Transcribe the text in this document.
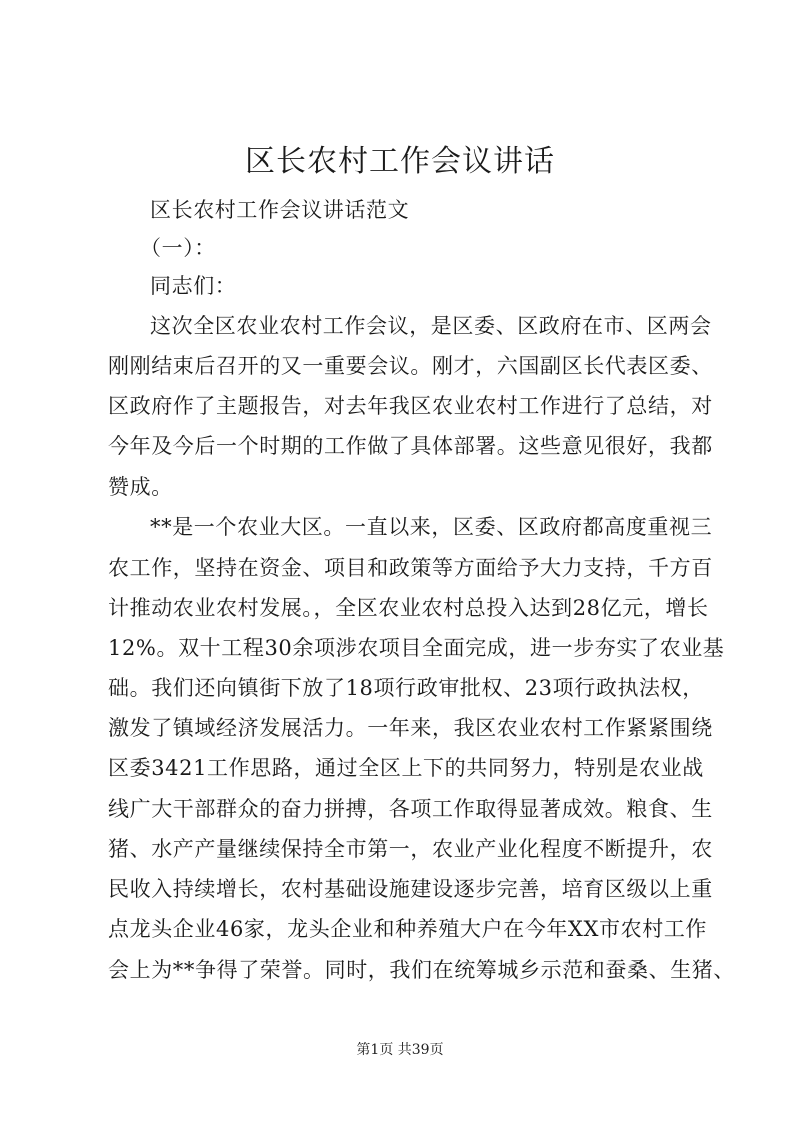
区长农村工作会议讲话
区长农村工作会议讲话范文
（一）：
同志们：
这次全区农业农村工作会议，是区委、区政府在市、区两会
刚刚结束后召开的又一重要会议。刚才，六国副区长代表区委、
区政府作了主题报告，对去年我区农业农村工作进行了总结，对
今年及今后一个时期的工作做了具体部署。这些意见很好，我都
赞成。
**是一个农业大区。一直以来，区委、区政府都高度重视三
农工作，坚持在资金、项目和政策等方面给予大力支持，千方百
计推动农业农村发展。，全区农业农村总投入达到28亿元，增长
12%。双十工程30余项涉农项目全面完成，进一步夯实了农业基
础。我们还向镇街下放了18项行政审批权、23项行政执法权，
激发了镇域经济发展活力。一年来，我区农业农村工作紧紧围绕
区委3421工作思路，通过全区上下的共同努力，特别是农业战
线广大干部群众的奋力拼搏，各项工作取得显著成效。粮食、生
猪、水产产量继续保持全市第一，农业产业化程度不断提升，农
民收入持续增长，农村基础设施建设逐步完善，培育区级以上重
点龙头企业46家，龙头企业和种养殖大户在今年XX市农村工作
会上为**争得了荣誉。同时，我们在统筹城乡示范和蚕桑、生猪、
第1页 共39页
